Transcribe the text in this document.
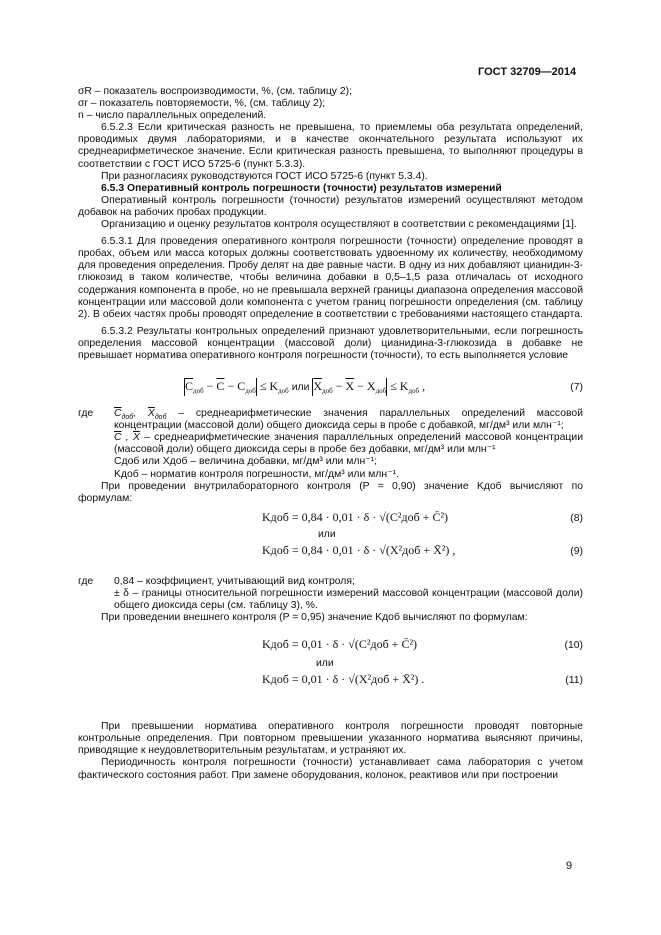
ГОСТ 32709—2014

σR – показатель воспроизводимости, %, (см. таблицу 2);

σr – показатель повторяемости, %, (см. таблицу 2);

n – число параллельных определений.

6.5.2.3 Если критическая разность не превышена, то приемлемы оба результата определений, проводимых двумя лабораториями, и в качестве окончательного результата используют их среднеарифметическое значение. Если критическая разность превышена, то выполняют процедуры в соответствии с ГОСТ ИСО 5725-6 (пункт 5.3.3).

При разногласиях руководствуются ГОСТ ИСО 5725-6 (пункт 5.3.4).

6.5.3 Оперативный контроль погрешности (точности) результатов измерений

Оперативный контроль погрешности (точности) результатов измерений осуществляют методом добавок на рабочих пробах продукции.

Организацию и оценку результатов контроля осуществляют в соответствии с рекомендациями [1].

6.5.3.1 Для проведения оперативного контроля погрешности (точности) определение проводят в пробах, объем или масса которых должны соответствовать удвоенному их количеству, необходимому для проведения определения. Пробу делят на две равные части. В одну из них добавляют цианидин-3-глюкозид в таком количестве, чтобы величина добавки в 0,5–1,5 раза отличалась от исходного содержания компонента в пробе, но не превышала верхней границы диапазона определения массовой концентрации или массовой доли компонента с учетом границ погрешности определения (см. таблицу 2). В обеих частях пробы проводят определение в соответствии с требованиями настоящего стандарта.

6.5.3.2 Результаты контрольных определений признают удовлетворительными, если погрешность определения массовой концентрации (массовой доли) цианидина-3-глюкозида в добавке не превышает норматива оперативного контроля погрешности (точности), то есть выполняется условие

$\overline{C}_{доб} - \overline{C} - C_{доб} \le K_{доб}$ или $\overline{X}_{доб} - \overline{X} - X_{доб} \le K_{доб}$ ,	(7)
где $\overline{C}_{доб}$, $\overline{X}_{доб}$ – среднеарифметические значения параллельных определений массовой концентрации (массовой доли) общего диоксида серы в пробе с добавкой, мг/дм³ или млн⁻¹;

$\overline{C}$ , $\overline{X}$ – среднеарифметические значения параллельных определений массовой концентрации (массовой доли) общего диоксида серы в пробе без добавки, мг/дм³ или млн⁻¹

Cдоб или Xдоб – величина добавки, мг/дм³ или млн⁻¹;

Kдоб – норматив контроля погрешности, мг/дм³ или млн⁻¹.

При проведении внутрилабораторного контроля (P = 0,90) значение Kдоб вычисляют по формулам:

Kдоб = 0,84 · 0,01 · δ · √(C²доб + C̄²)	(8)
или
Kдоб = 0,84 · 0,01 · δ · √(X²доб + X̄²) ,	(9)
где 0,84 – коэффициент, учитывающий вид контроля;

± δ – границы относительной погрешности измерений массовой концентрации (массовой доли) общего диоксида серы (см. таблицу 3), %.

При проведении внешнего контроля (P = 0,95) значение Kдоб вычисляют по формулам:

Kдоб = 0,01 · δ · √(C²доб + C̄²)	(10)
или
Kдоб = 0,01 · δ · √(X²доб + X̄²) .	(11)

При превышении норматива оперативного контроля погрешности проводят повторные контрольные определения. При повторном превышении указанного норматива выясняют причины, приводящие к неудовлетворительным результатам, и устраняют их.

Периодичность контроля погрешности (точности) устанавливает сама лаборатория с учетом фактического состояния работ. При замене оборудования, колонок, реактивов или при построении

9
